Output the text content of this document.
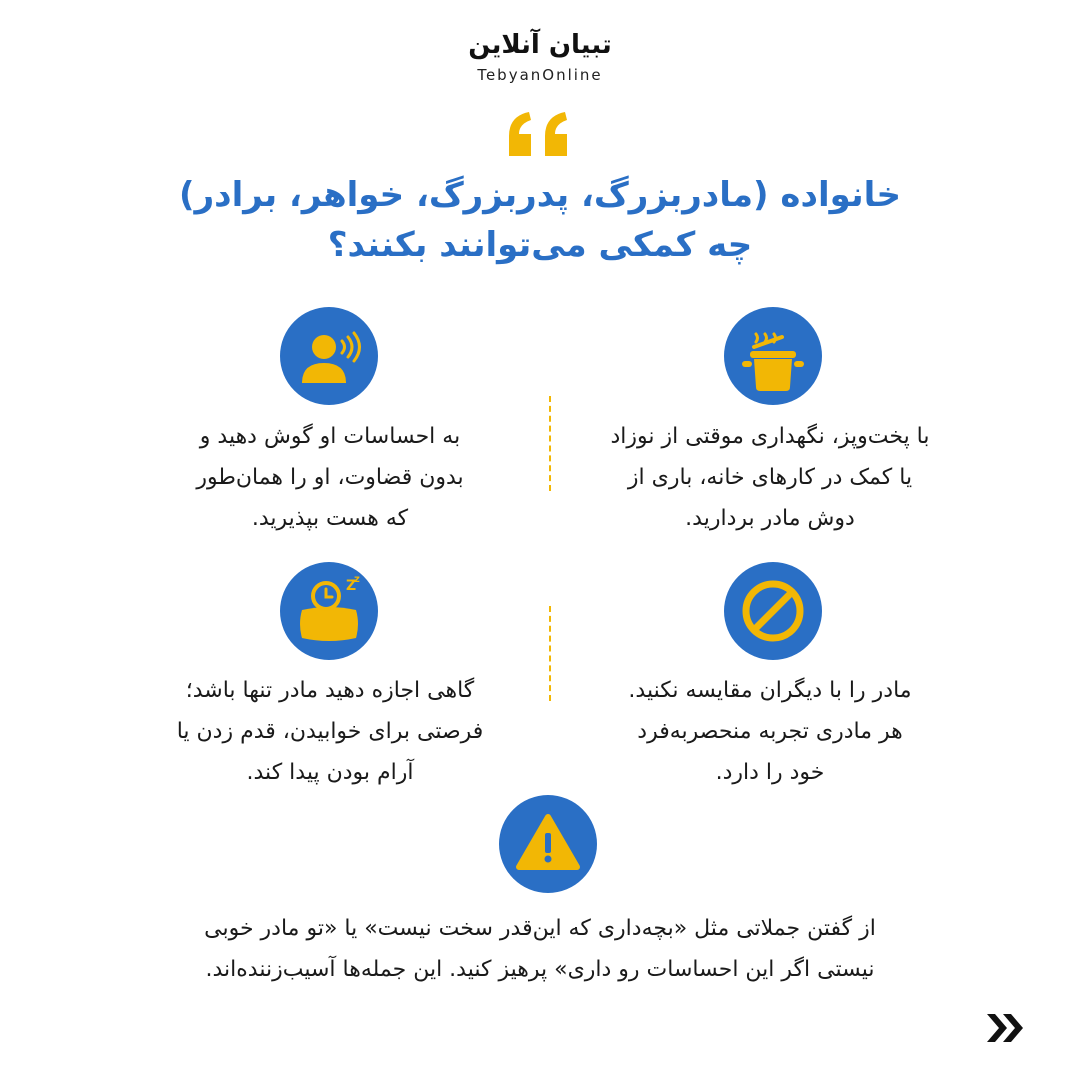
تبیان آنلاین
TebyanOnline
خانواده (مادربزرگ، پدربزرگ، خواهر، برادر)
چه کمکی می‌توانند بکنند؟
با پخت‌وپز، نگهداری موقتی از نوزاد
یا کمک در کارهای خانه، باری از
دوش مادر بردارید.
به احساسات او گوش دهید و
بدون قضاوت، او را همان‌طور
که هست بپذیرید.
مادر را با دیگران مقایسه نکنید.
هر مادری تجربه منحصربه‌فرد
خود را دارد.
Z
z
گاهی اجازه دهید مادر تنها باشد؛
فرصتی برای خوابیدن، قدم زدن یا
آرام بودن پیدا کند.
از گفتن جملاتی مثل «بچه‌داری که این‌قدر سخت نیست» یا «تو مادر خوبی
نیستی اگر این احساسات رو داری» پرهیز کنید. این جمله‌ها آسیب‌زننده‌اند.
